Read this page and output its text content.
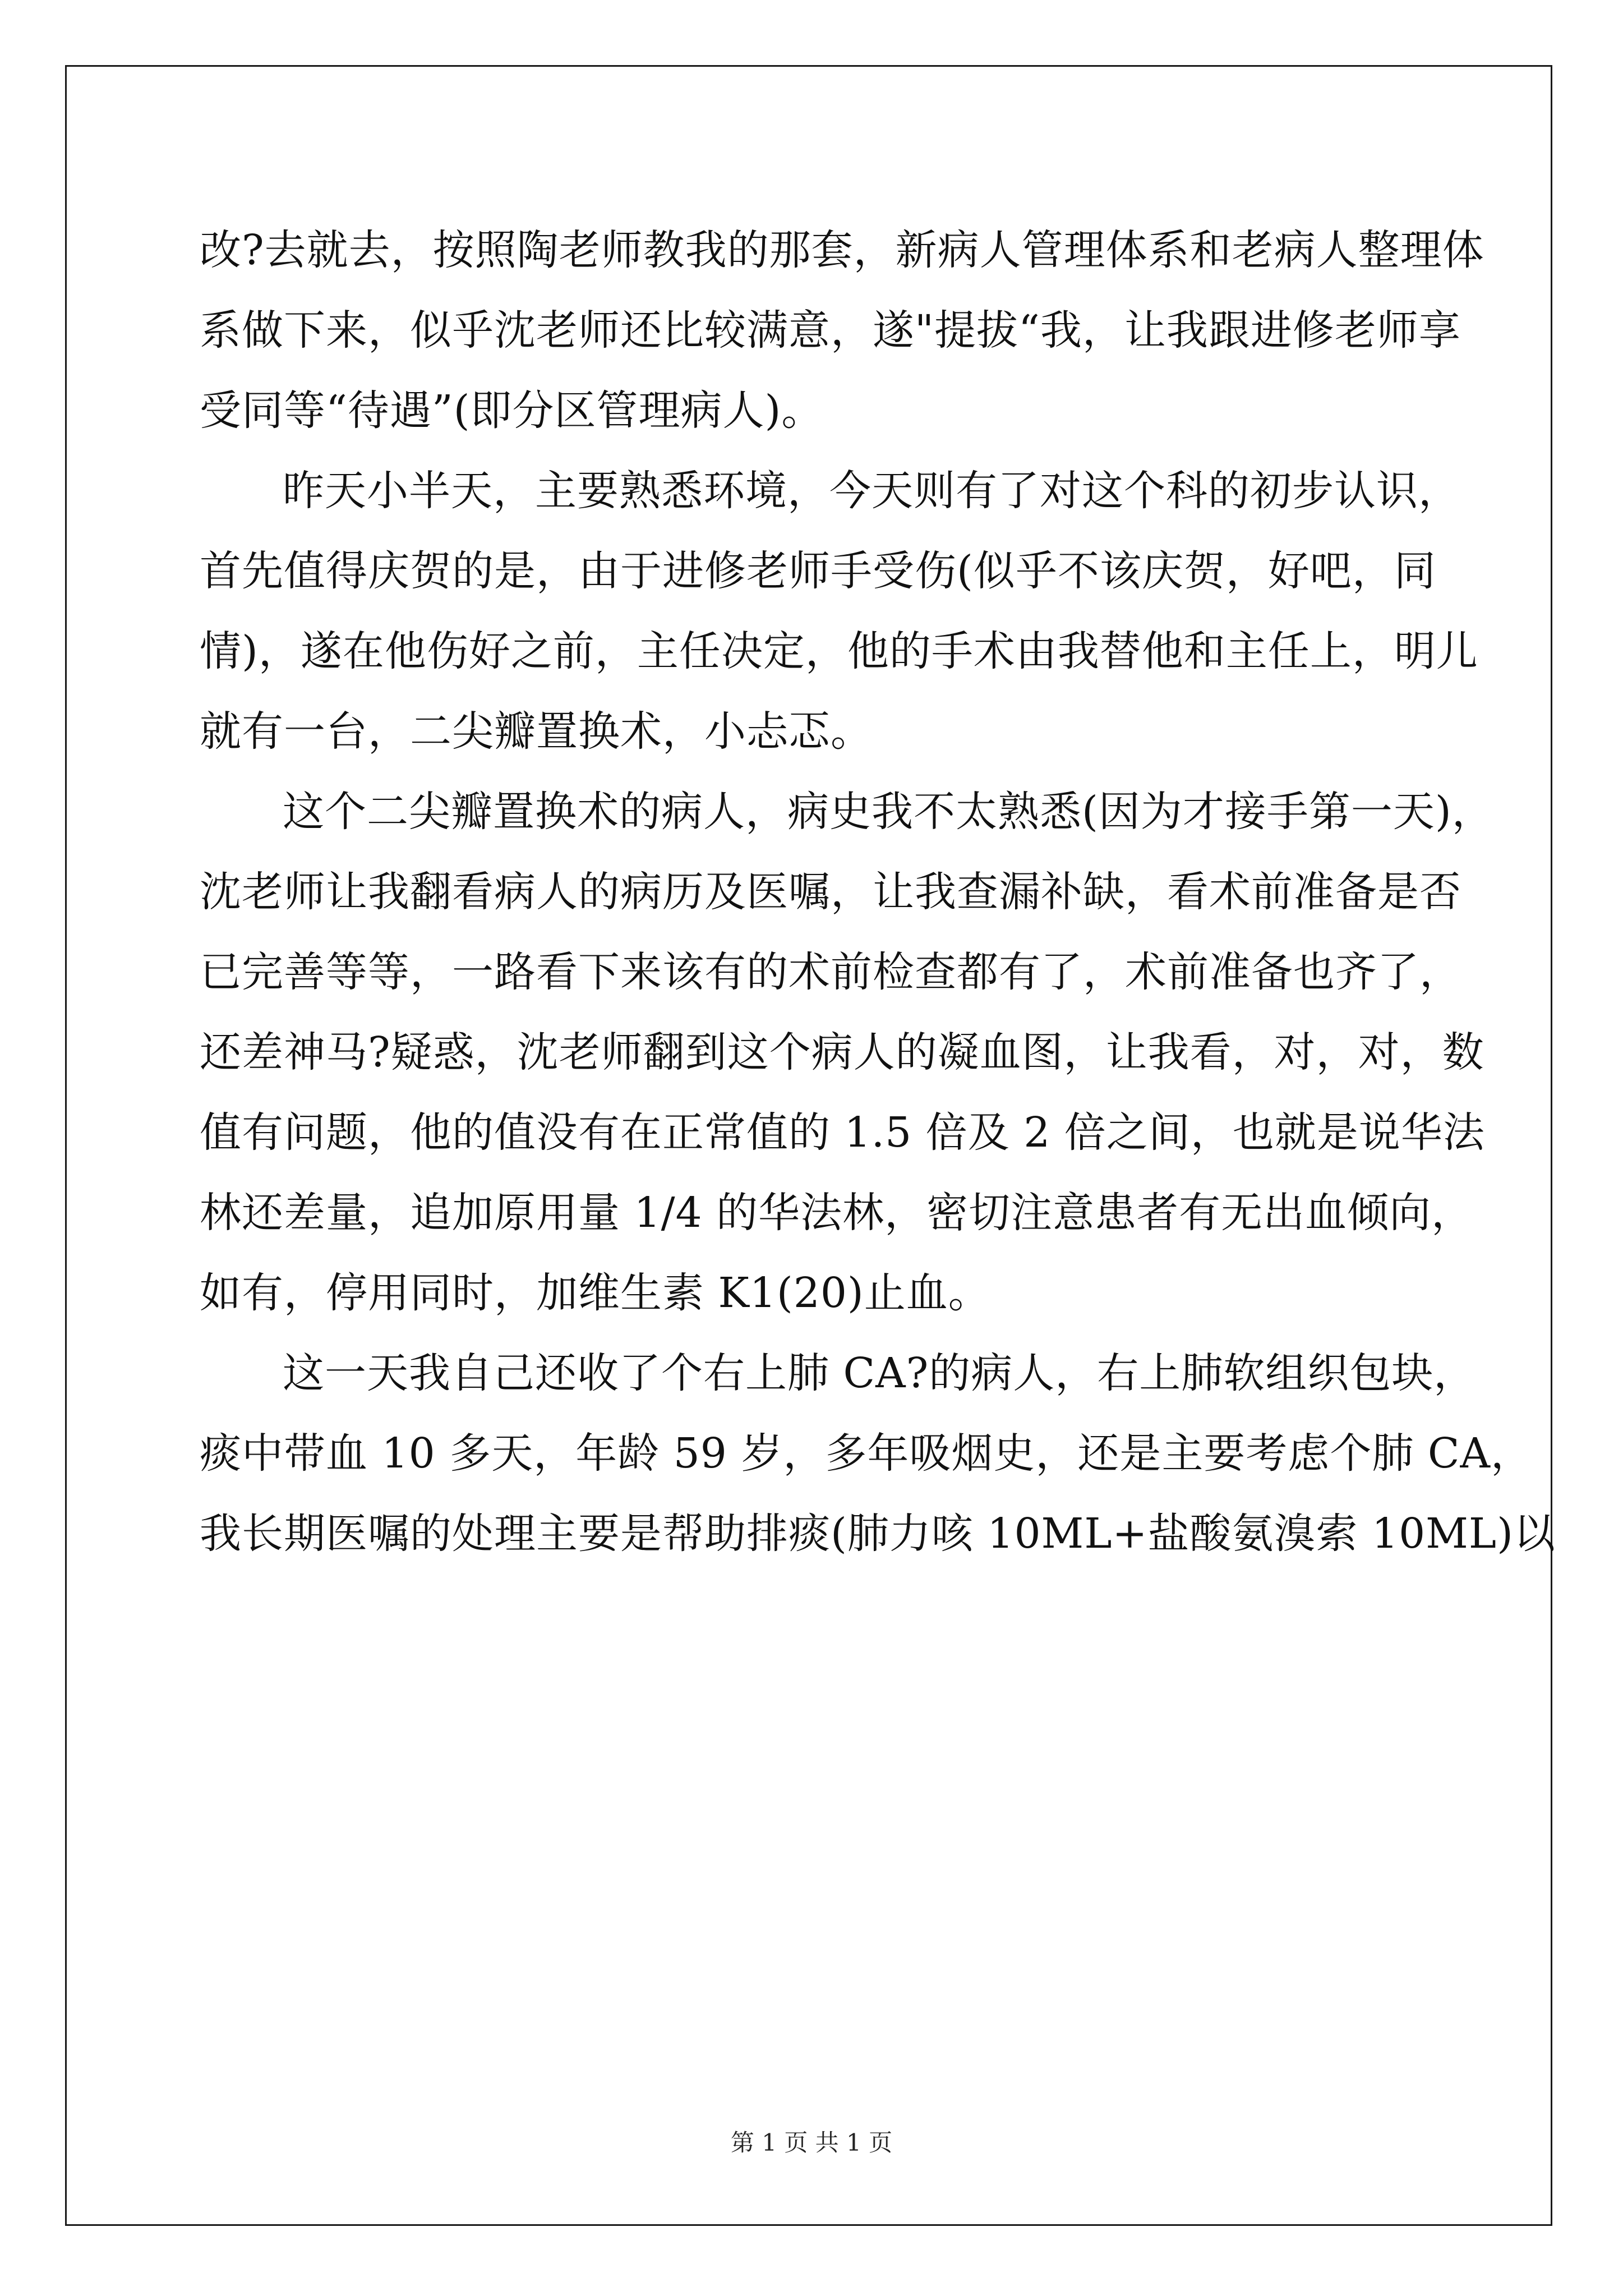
改?去就去，按照陶老师教我的那套，新病人管理体系和老病人整理体
系做下来，似乎沈老师还比较满意，遂"提拔“我，让我跟进修老师享
受同等“待遇”(即分区管理病人)。
昨天小半天，主要熟悉环境，今天则有了对这个科的初步认识，
首先值得庆贺的是，由于进修老师手受伤(似乎不该庆贺，好吧，同
情)，遂在他伤好之前，主任决定，他的手术由我替他和主任上，明儿
就有一台，二尖瓣置换术，小忐忑。
这个二尖瓣置换术的病人，病史我不太熟悉(因为才接手第一天)，
沈老师让我翻看病人的病历及医嘱，让我查漏补缺，看术前准备是否
已完善等等，一路看下来该有的术前检查都有了，术前准备也齐了，
还差神马?疑惑，沈老师翻到这个病人的凝血图，让我看，对，对，数
值有问题，他的值没有在正常值的 1.5 倍及 2 倍之间，也就是说华法
林还差量，追加原用量 1/4 的华法林，密切注意患者有无出血倾向，
如有，停用同时，加维生素 K1(20)止血。
这一天我自己还收了个右上肺 CA?的病人，右上肺软组织包块，
痰中带血 10 多天，年龄 59 岁，多年吸烟史，还是主要考虑个肺 CA，
我长期医嘱的处理主要是帮助排痰(肺力咳 10ML+盐酸氨溴索 10ML)以
第 1 页 共 1 页
